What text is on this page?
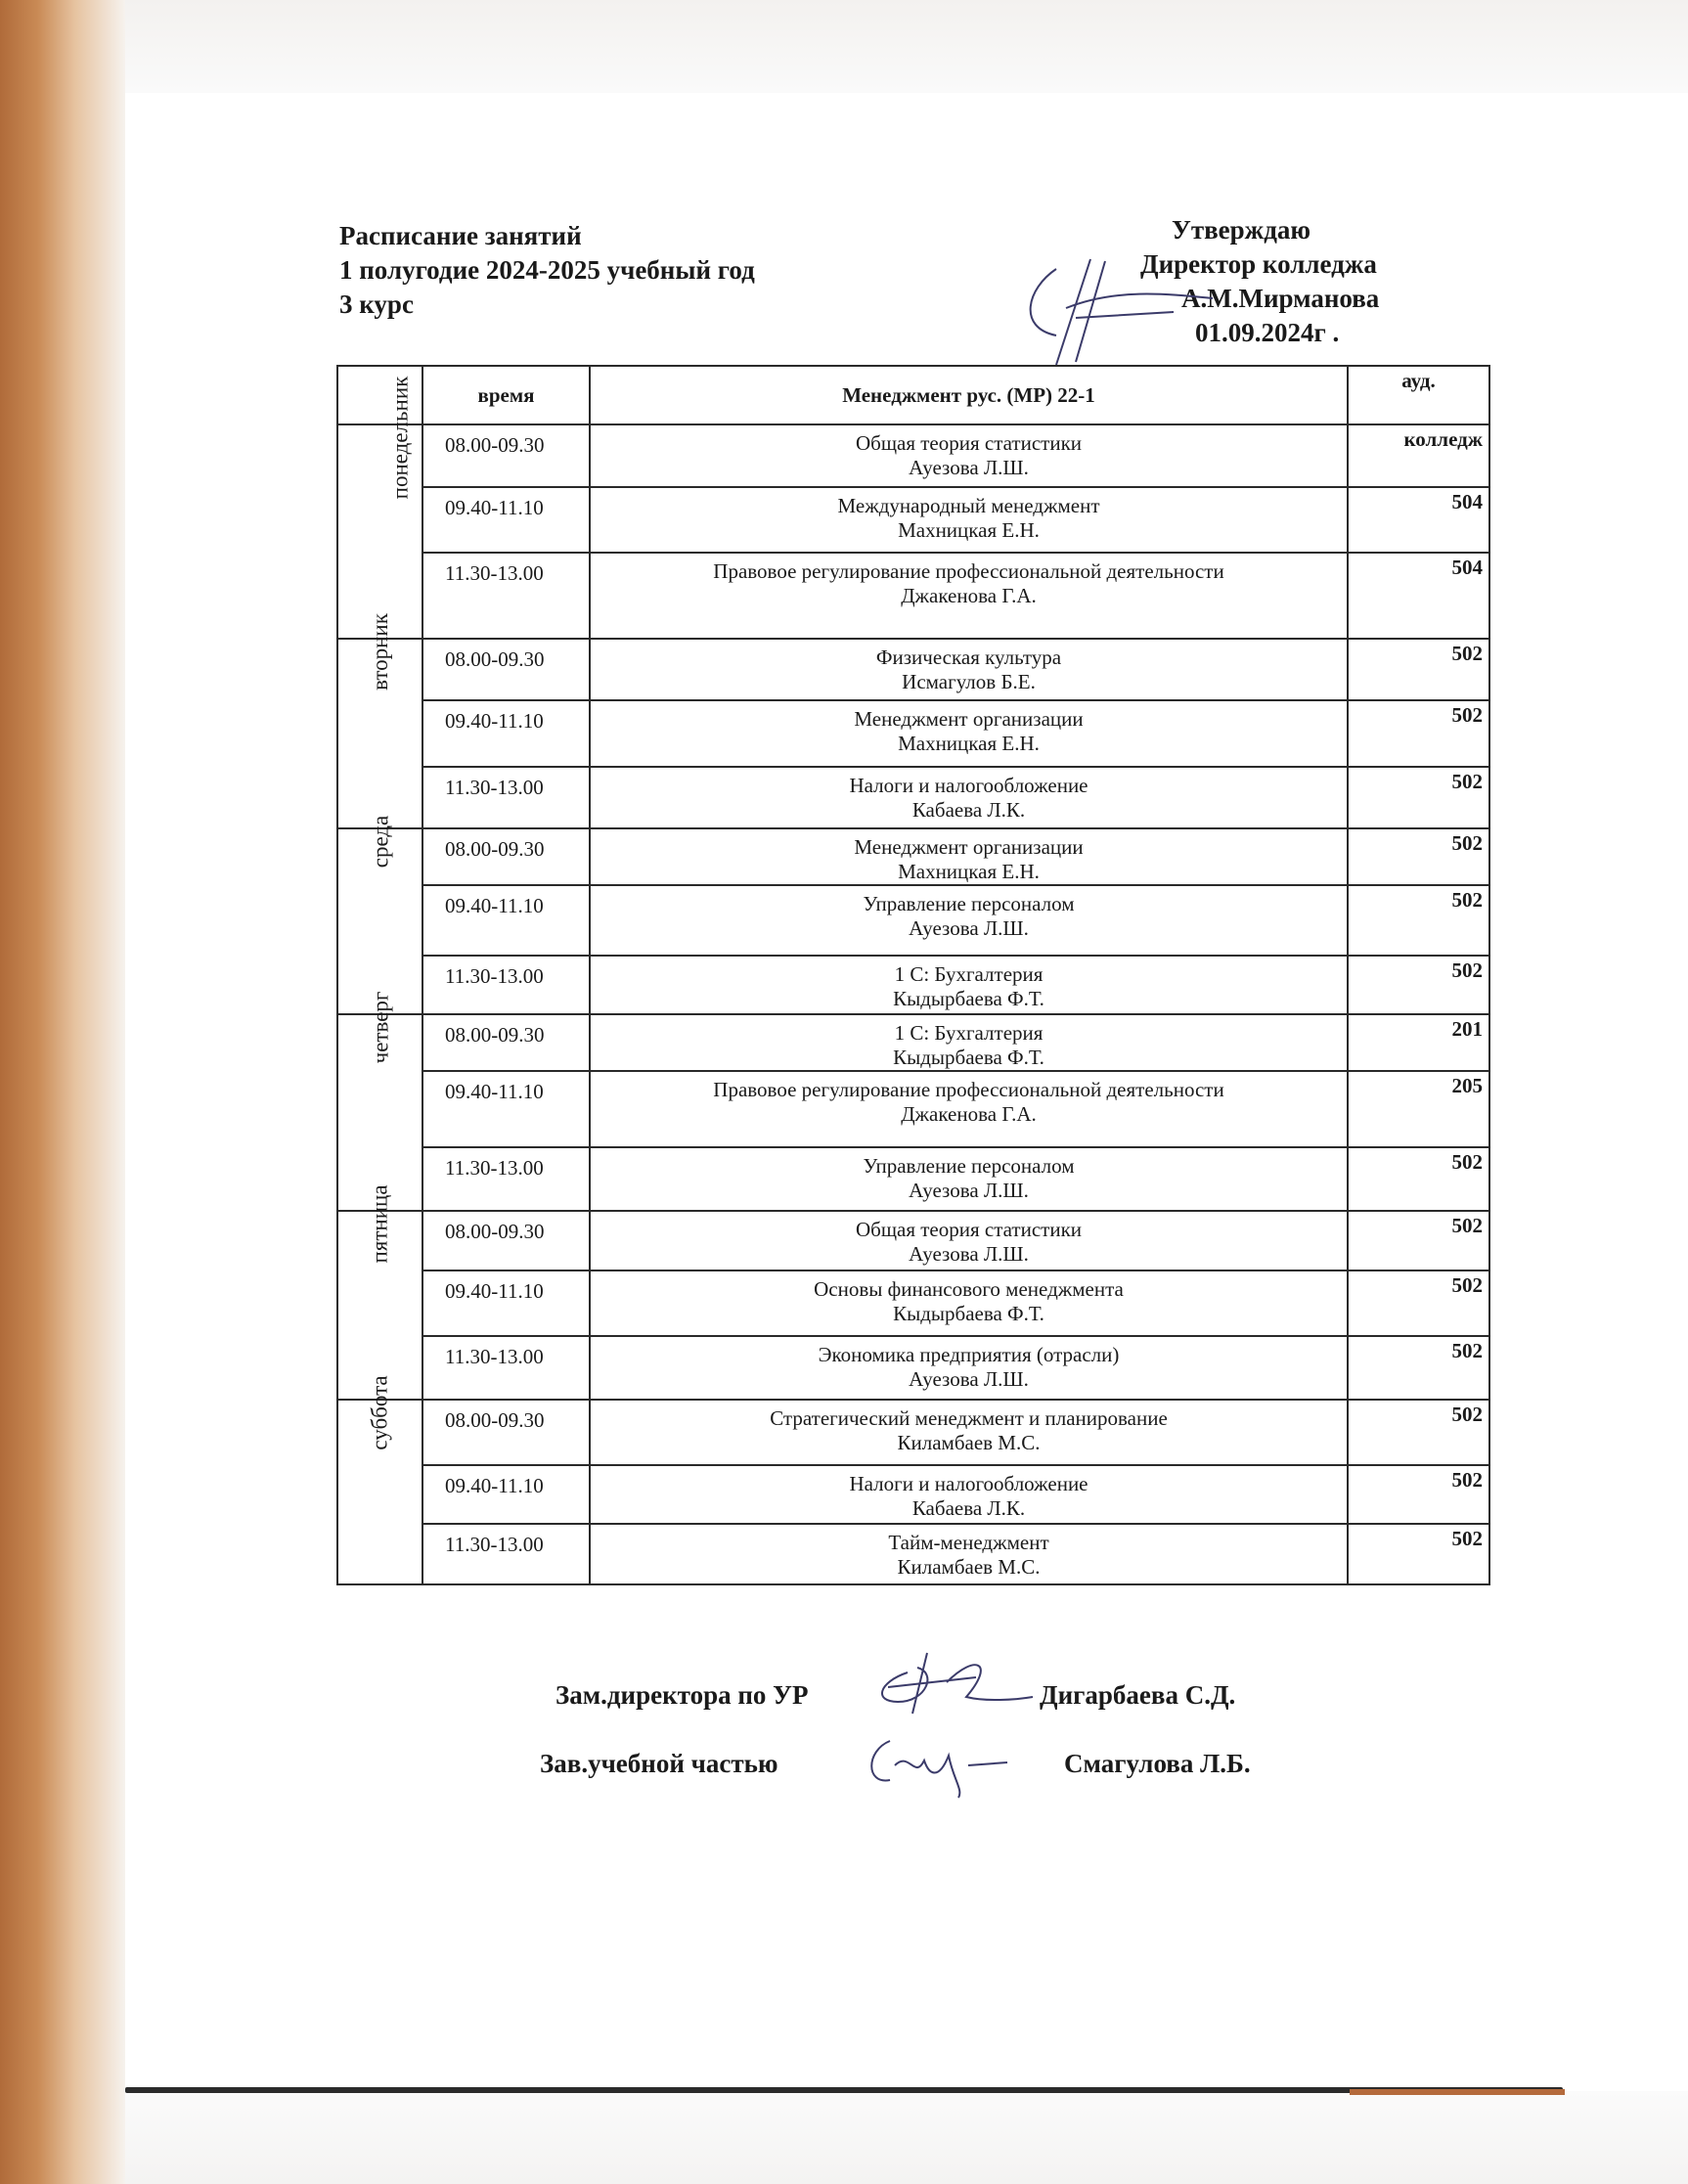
Расписание занятий
1 полугодие 2024-2025 учебный год
3 курс
Утверждаю
Директор колледжа
А.М.Мирманова
01.09.2024г .
	время	Менеджмент рус. (МР) 22-1	ауд.
понедельник	08.00-09.30	Общая теория статистики
Ауезова Л.Ш.	колледж
	09.40-11.10	Международный менеджмент
Махницкая Е.Н.	504
	11.30-13.00	Правовое регулирование профессиональной деятельности
Джакенова Г.А.	504
вторник	08.00-09.30	Физическая культура
Исмагулов Б.Е.	502
	09.40-11.10	Менеджмент организации
Махницкая Е.Н.	502
	11.30-13.00	Налоги и налогообложение
Кабаева Л.К.	502
среда	08.00-09.30	Менеджмент организации
Махницкая Е.Н.	502
	09.40-11.10	Управление персоналом
Ауезова Л.Ш.	502
	11.30-13.00	1 С: Бухгалтерия
Кыдырбаева Ф.Т.	502
четверг	08.00-09.30	1 С: Бухгалтерия
Кыдырбаева Ф.Т.	201
	09.40-11.10	Правовое регулирование профессиональной деятельности
Джакенова Г.А.	205
	11.30-13.00	Управление персоналом
Ауезова Л.Ш.	502
пятница	08.00-09.30	Общая теория статистики
Ауезова Л.Ш.	502
	09.40-11.10	Основы финансового менеджмента
Кыдырбаева Ф.Т.	502
	11.30-13.00	Экономика предприятия (отрасли)
Ауезова Л.Ш.	502
суббота	08.00-09.30	Стратегический менеджмент и планирование
Киламбаев М.С.	502
	09.40-11.10	Налоги и налогообложение
Кабаева Л.К.	502
	11.30-13.00	Тайм-менеджмент
Киламбаев М.С.	502
Зам.директора по УР	Дигарбаева С.Д.
Зав.учебной частью	Смагулова Л.Б.
